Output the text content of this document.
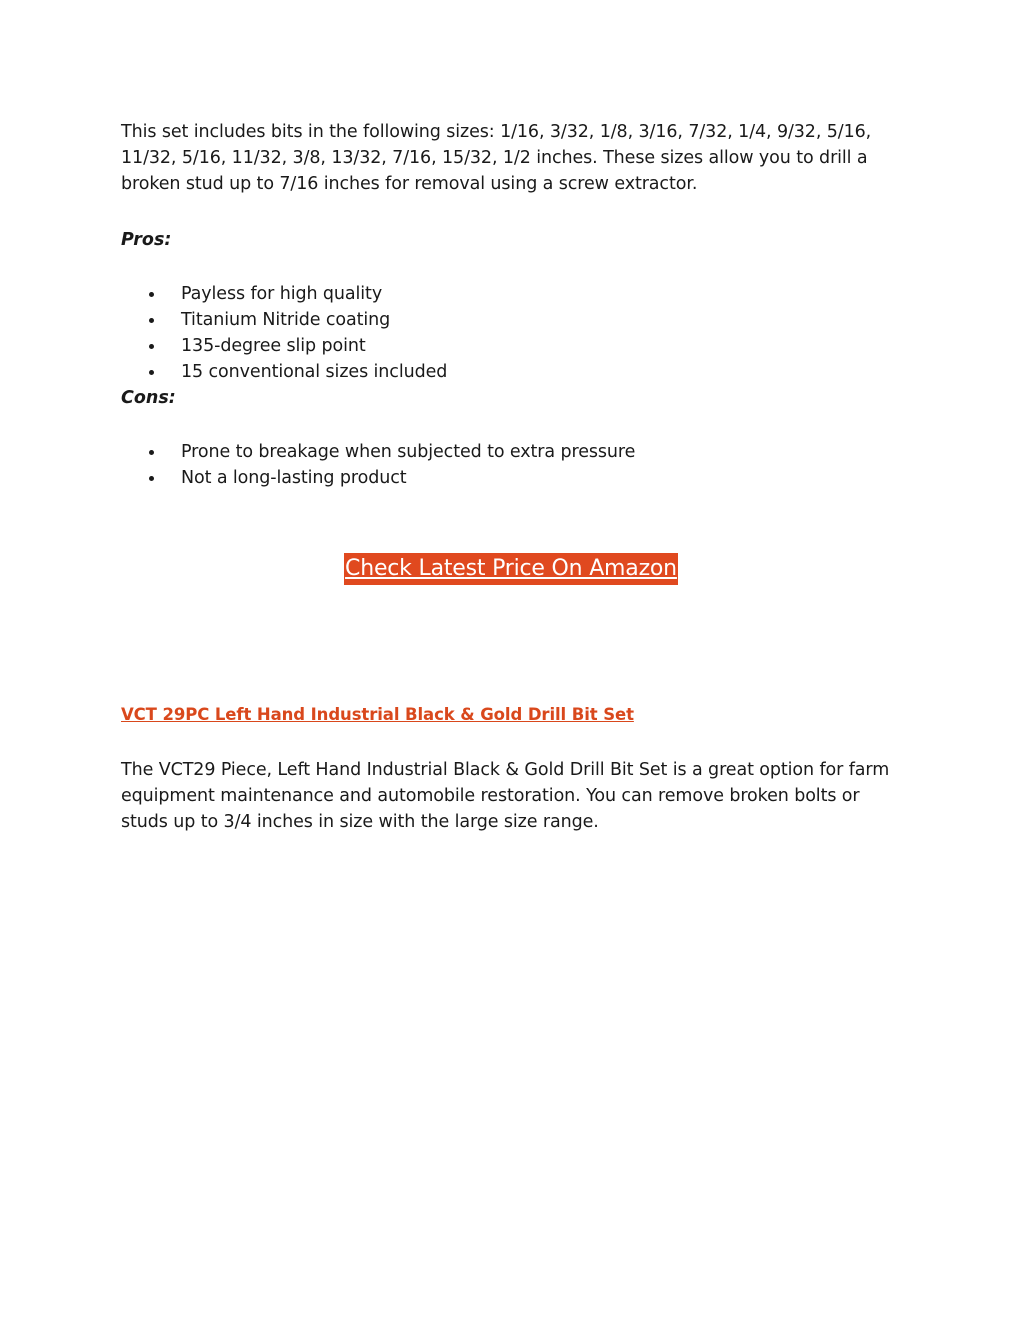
This set includes bits in the following sizes: 1/16, 3/32, 1/8, 3/16, 7/32, 1/4, 9/32, 5/16, 11/32, 5/16, 11/32, 3/8, 13/32, 7/16, 15/32, 1/2 inches. These sizes allow you to drill a broken stud up to 7/16 inches for removal using a screw extractor.

Pros:

Payless for high quality
Titanium Nitride coating
135-degree slip point
15 conventional sizes included

Cons:

Prone to breakage when subjected to extra pressure
Not a long-lasting product
Check Latest Price On Amazon
VCT 29PC Left Hand Industrial Black & Gold Drill Bit Set

The VCT29 Piece, Left Hand Industrial Black & Gold Drill Bit Set is a great option for farm equipment maintenance and automobile restoration. You can remove broken bolts or studs up to 3/4 inches in size with the large size range.
